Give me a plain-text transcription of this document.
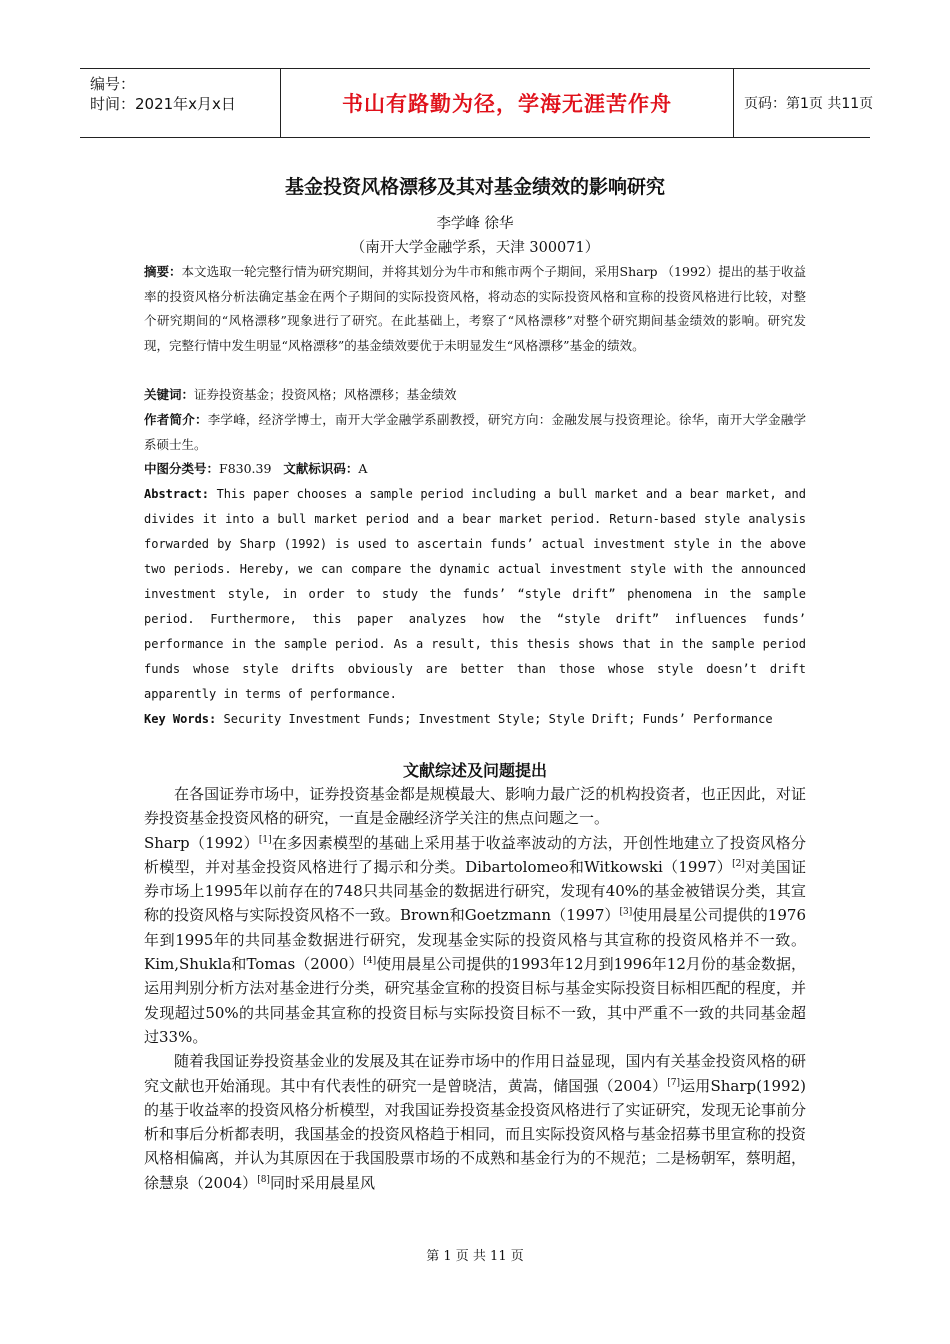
编号：
时间：2021年x月x日	书山有路勤为径，学海无涯苦作舟	页码：第1页 共11页
基金投资风格漂移及其对基金绩效的影响研究
李学峰 徐华
（南开大学金融学系，天津 300071）
摘要：本文选取一轮完整行情为研究期间，并将其划分为牛市和熊市两个子期间，采用Sharp （1992）提出的基于收益率的投资风格分析法确定基金在两个子期间的实际投资风格，将动态的实际投资风格和宣称的投资风格进行比较，对整个研究期间的“风格漂移”现象进行了研究。在此基础上，考察了“风格漂移”对整个研究期间基金绩效的影响。研究发现，完整行情中发生明显“风格漂移”的基金绩效要优于未明显发生“风格漂移”基金的绩效。
关键词：证券投资基金；投资风格；风格漂移；基金绩效
作者简介：李学峰，经济学博士，南开大学金融学系副教授，研究方向：金融发展与投资理论。徐华，南开大学金融学系硕士生。
中图分类号：F830.39 文献标识码：A
Abstract: This paper chooses a sample period including a bull market and a bear market, and divides it into a bull market period and a bear market period. Return-based style analysis forwarded by Sharp (1992) is used to ascertain funds’ actual investment style in the above two periods. Hereby, we can compare the dynamic actual investment style with the announced investment style, in order to study the funds’ “style drift” phenomena in the sample period. Furthermore, this paper analyzes how the “style drift” influences funds’ performance in the sample period. As a result, this thesis shows that in the sample period funds whose style drifts obviously are better than those whose style doesn’t drift apparently in terms of performance.
Key Words: Security Investment Funds; Investment Style; Style Drift; Funds’ Performance
文献综述及问题提出

在各国证券市场中，证券投资基金都是规模最大、影响力最广泛的机构投资者，也正因此，对证券投资基金投资风格的研究，一直是金融经济学关注的焦点问题之一。

Sharp（1992）[1]在多因素模型的基础上采用基于收益率波动的方法，开创性地建立了投资风格分析模型，并对基金投资风格进行了揭示和分类。Dibartolomeo和Witkowski（1997）[2]对美国证券市场上1995年以前存在的748只共同基金的数据进行研究，发现有40%的基金被错误分类，其宣称的投资风格与实际投资风格不一致。Brown和Goetzmann（1997）[3]使用晨星公司提供的1976年到1995年的共同基金数据进行研究，发现基金实际的投资风格与其宣称的投资风格并不一致。Kim,Shukla和Tomas（2000）[4]使用晨星公司提供的1993年12月到1996年12月份的基金数据，运用判别分析方法对基金进行分类，研究基金宣称的投资目标与基金实际投资目标相匹配的程度，并发现超过50%的共同基金其宣称的投资目标与实际投资目标不一致，其中严重不一致的共同基金超过33%。

随着我国证券投资基金业的发展及其在证券市场中的作用日益显现，国内有关基金投资风格的研究文献也开始涌现。其中有代表性的研究一是曾晓洁，黄嵩，储国强（2004）[7]运用Sharp(1992)的基于收益率的投资风格分析模型，对我国证券投资基金投资风格进行了实证研究，发现无论事前分析和事后分析都表明，我国基金的投资风格趋于相同，而且实际投资风格与基金招募书里宣称的投资风格相偏离，并认为其原因在于我国股票市场的不成熟和基金行为的不规范；二是杨朝军，蔡明超，徐慧泉（2004）[8]同时采用晨星风

第 1 页 共 11 页
